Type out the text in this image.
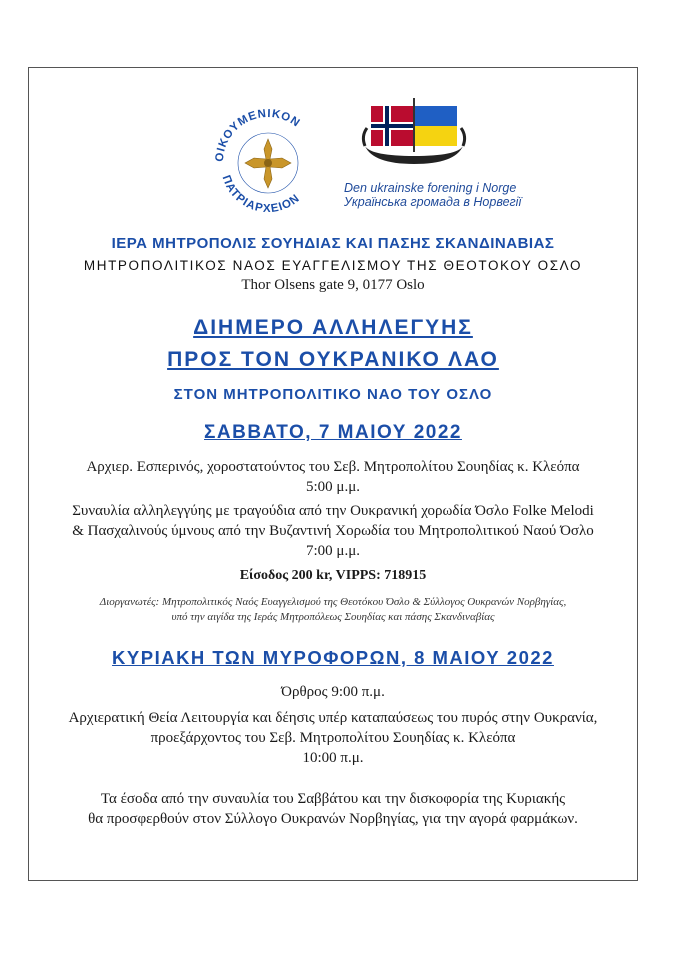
ΟΙΚΟΥΜΕΝΙΚΟΝ
ΠΑΤΡΙΑΡΧΕΙΟΝ
Den ukrainske forening i Norge
Українська громада в Норвегії
ΙΕΡΑ ΜΗΤΡΟΠΟΛΙΣ ΣΟΥΗΔΙΑΣ ΚΑΙ ΠΑΣΗΣ ΣΚΑΝΔΙΝΑΒΙΑΣ
ΜΗΤΡΟΠΟΛΙΤΙΚΟΣ ΝΑΟΣ ΕΥΑΓΓΕΛΙΣΜΟΥ ΤΗΣ ΘΕΟΤΟΚΟΥ ΟΣΛΟ
Thor Olsens gate 9, 0177 Oslo
ΔΙΗΜΕΡΟ ΑΛΛΗΛΕΓΥΗΣ
ΠΡΟΣ ΤΟΝ ΟΥΚΡΑΝΙΚΟ ΛΑΟ
ΣΤΟΝ ΜΗΤΡΟΠΟΛΙΤΙΚΟ ΝΑΟ ΤΟΥ ΟΣΛΟ
ΣΑΒΒΑΤΟ, 7 ΜΑΙΟΥ 2022
Αρχιερ. Εσπερινός, χοροστατούντος του Σεβ. Μητροπολίτου Σουηδίας κ. Κλεόπα
5:00 μ.μ.
Συναυλία αλληλεγγύης με τραγούδια από την Ουκρανική χορωδία Όσλο Folke Melodi
& Πασχαλινούς ύμνους από την Βυζαντινή Χορωδία του Μητροπολιτικού Ναού Όσλο
7:00 μ.μ.
Είσοδος 200 kr, VIPPS: 718915
Διοργανωτές: Μητροπολιτικός Ναός Ευαγγελισμού της Θεοτόκου Όσλο & Σύλλογος Ουκρανών Νορβηγίας,
υπό την αιγίδα της Ιεράς Μητροπόλεως Σουηδίας και πάσης Σκανδιναβίας
ΚΥΡΙΑΚΗ ΤΩΝ ΜΥΡΟΦΟΡΩΝ, 8 ΜΑΙΟΥ 2022
Όρθρος 9:00 π.μ.
Αρχιερατική Θεία Λειτουργία και δέησις υπέρ καταπαύσεως του πυρός στην Ουκρανία,
προεξάρχοντος του Σεβ. Μητροπολίτου Σουηδίας κ. Κλεόπα
10:00 π.μ.
Τα έσοδα από την συναυλία του Σαββάτου και την δισκοφορία της Κυριακής
θα προσφερθούν στον Σύλλογο Ουκρανών Νορβηγίας, για την αγορά φαρμάκων.
